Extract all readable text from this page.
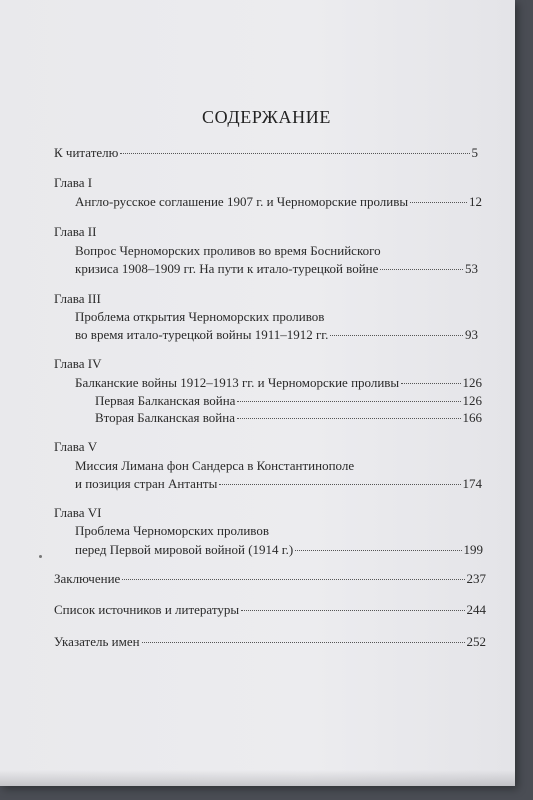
СОДЕРЖАНИЕ
К читателю	5
Глава I
Англо-русское соглашение 1907 г. и Черноморские проливы	12
Глава II
Вопрос Черноморских проливов во время Боснийского
кризиса 1908–1909 гг. На пути к итало-турецкой войне	53
Глава III
Проблема открытия Черноморских проливов
во время итало-турецкой войны 1911–1912 гг.	93
Глава IV
Балканские войны 1912–1913 гг. и Черноморские проливы	126
Первая Балканская война	126
Вторая Балканская война	166
Глава V
Миссия Лимана фон Сандерса в Константинополе
и позиция стран Антанты	174
Глава VI
Проблема Черноморских проливов
перед Первой мировой войной (1914 г.)	199
Заключение	237
Список источников и литературы	244
Указатель имен	252
